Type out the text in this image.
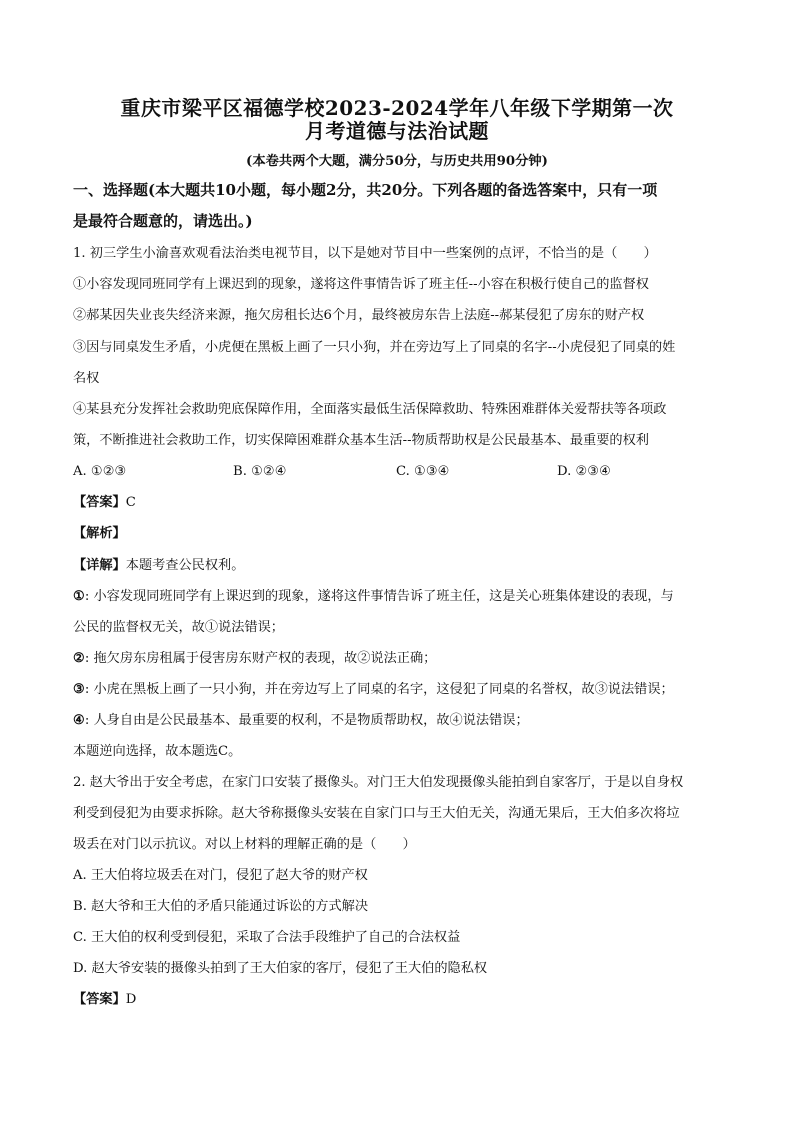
重庆市梁平区福德学校2023-2024学年八年级下学期第一次
月考道德与法治试题
(本卷共两个大题，满分50分，与历史共用90分钟)
一、选择题(本大题共10小题，每小题2分，共20分。下列各题的备选答案中，只有一项
是最符合题意的，请选出。)
1. 初三学生小渝喜欢观看法治类电视节目，以下是她对节目中一些案例的点评，不恰当的是（　　）
①小容发现同班同学有上课迟到的现象，遂将这件事情告诉了班主任--小容在积极行使自己的监督权
②郝某因失业丧失经济来源，拖欠房租长达6个月，最终被房东告上法庭--郝某侵犯了房东的财产权
③因与同桌发生矛盾，小虎便在黑板上画了一只小狗，并在旁边写上了同桌的名字--小虎侵犯了同桌的姓
名权
④某县充分发挥社会救助兜底保障作用，全面落实最低生活保障救助、特殊困难群体关爱帮扶等各项政
策，不断推进社会救助工作，切实保障困难群众基本生活--物质帮助权是公民最基本、最重要的权利
A. ①②③	B. ①②④	C. ①③④	D. ②③④
【答案】C
【解析】
【详解】本题考查公民权利。
①: 小容发现同班同学有上课迟到的现象，遂将这件事情告诉了班主任，这是关心班集体建设的表现，与
公民的监督权无关，故①说法错误；
②: 拖欠房东房租属于侵害房东财产权的表现，故②说法正确；
③: 小虎在黑板上画了一只小狗，并在旁边写上了同桌的名字，这侵犯了同桌的名誉权，故③说法错误；
④: 人身自由是公民最基本、最重要的权利，不是物质帮助权，故④说法错误；
本题逆向选择，故本题选C。
2. 赵大爷出于安全考虑，在家门口安装了摄像头。对门王大伯发现摄像头能拍到自家客厅，于是以自身权
利受到侵犯为由要求拆除。赵大爷称摄像头安装在自家门口与王大伯无关，沟通无果后，王大伯多次将垃
圾丢在对门以示抗议。对以上材料的理解正确的是（　　）
A. 王大伯将垃圾丢在对门，侵犯了赵大爷的财产权
B. 赵大爷和王大伯的矛盾只能通过诉讼的方式解决
C. 王大伯的权利受到侵犯，采取了合法手段维护了自己的合法权益
D. 赵大爷安装的摄像头拍到了王大伯家的客厅，侵犯了王大伯的隐私权
【答案】D
